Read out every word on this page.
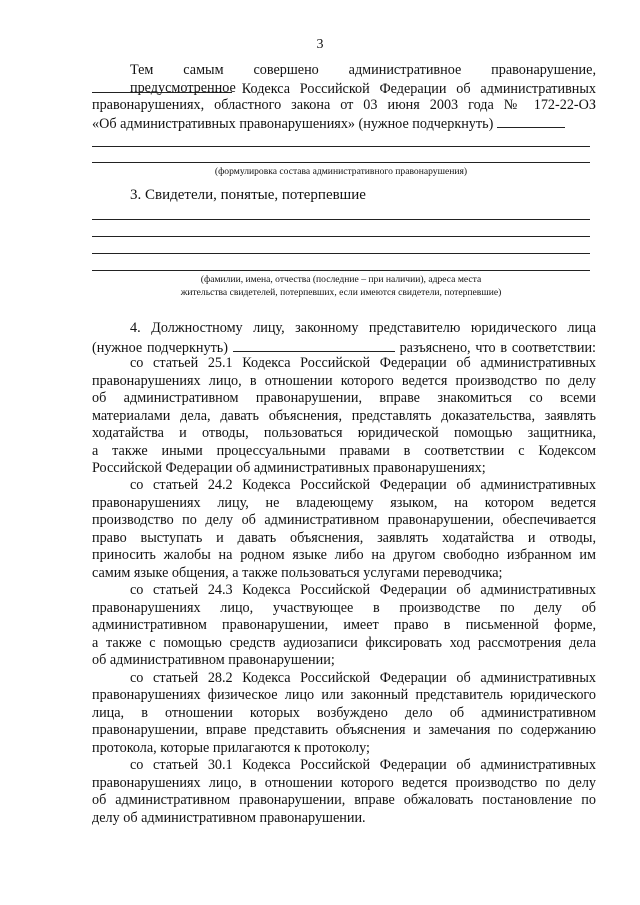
3
Тем самым совершено административное правонарушение, предусмотренное Кодекса Российской Федерации об административных
правонарушениях, областного закона от 03 июня 2003 года № 172-22-ОЗ
«Об административных правонарушениях» (нужное подчеркнуть)
(формулировка состава административного правонарушения)
3. Свидетели, понятые, потерпевшие
(фамилии, имена, отчества (последние – при наличии), адреса места
жительства свидетелей, потерпевших, если имеются свидетели, потерпевшие)
4. Должностному лицу, законному представителю юридического лица
(нужное подчеркнуть)	разъяснено, что в соответствии:
со статьей 25.1 Кодекса Российской Федерации об административных
правонарушениях лицо, в отношении которого ведется производство по делу
об административном правонарушении, вправе знакомиться со всеми
материалами дела, давать объяснения, представлять доказательства, заявлять
ходатайства и отводы, пользоваться юридической помощью защитника,
а также иными процессуальными правами в соответствии с Кодексом
Российской Федерации об административных правонарушениях;
со статьей 24.2 Кодекса Российской Федерации об административных
правонарушениях лицу, не владеющему языком, на котором ведется
производство по делу об административном правонарушении, обеспечивается
право выступать и давать объяснения, заявлять ходатайства и отводы,
приносить жалобы на родном языке либо на другом свободно избранном им
самим языке общения, а также пользоваться услугами переводчика;
со статьей 24.3 Кодекса Российской Федерации об административных
правонарушениях лицо, участвующее в производстве по делу об
административном правонарушении, имеет право в письменной форме,
а также с помощью средств аудиозаписи фиксировать ход рассмотрения дела
об административном правонарушении;
со статьей 28.2 Кодекса Российской Федерации об административных
правонарушениях физическое лицо или законный представитель юридического
лица, в отношении которых возбуждено дело об административном
правонарушении, вправе представить объяснения и замечания по содержанию
протокола, которые прилагаются к протоколу;
со статьей 30.1 Кодекса Российской Федерации об административных
правонарушениях лицо, в отношении которого ведется производство по делу
об административном правонарушении, вправе обжаловать постановление по
делу об административном правонарушении.
